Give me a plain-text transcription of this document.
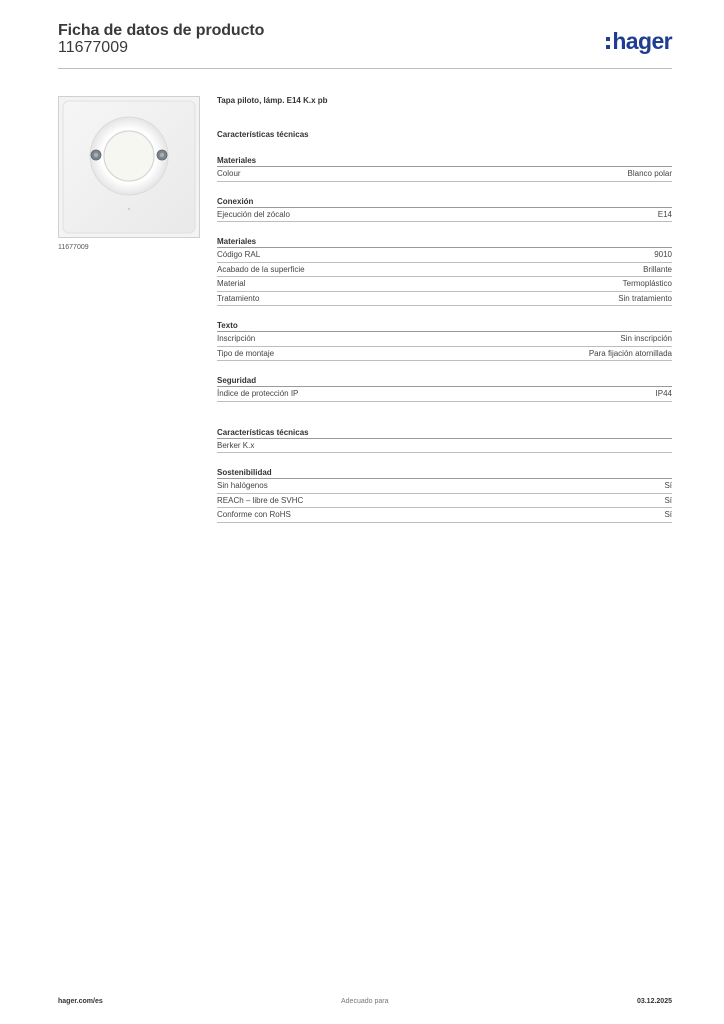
Ficha de datos de producto
11677009	hager
11677009
Tapa piloto, lámp. E14 K.x pb
Características técnicas
Materiales
Colour	Blanco polar
Conexión
Ejecución del zócalo	E14
Materiales
Código RAL	9010
Acabado de la superficie	Brillante
Material	Termoplástico
Tratamiento	Sin tratamiento
Texto
Inscripción	Sin inscripción
Tipo de montaje	Para fijación atornillada
Seguridad
Índice de protección IP	IP44
Características técnicas
Berker K.x
Sostenibilidad
Sin halógenos	Sí
REACh – libre de SVHC	Sí
Conforme con RoHS	Sí
hager.com/es	Adecuado para	03.12.2025
